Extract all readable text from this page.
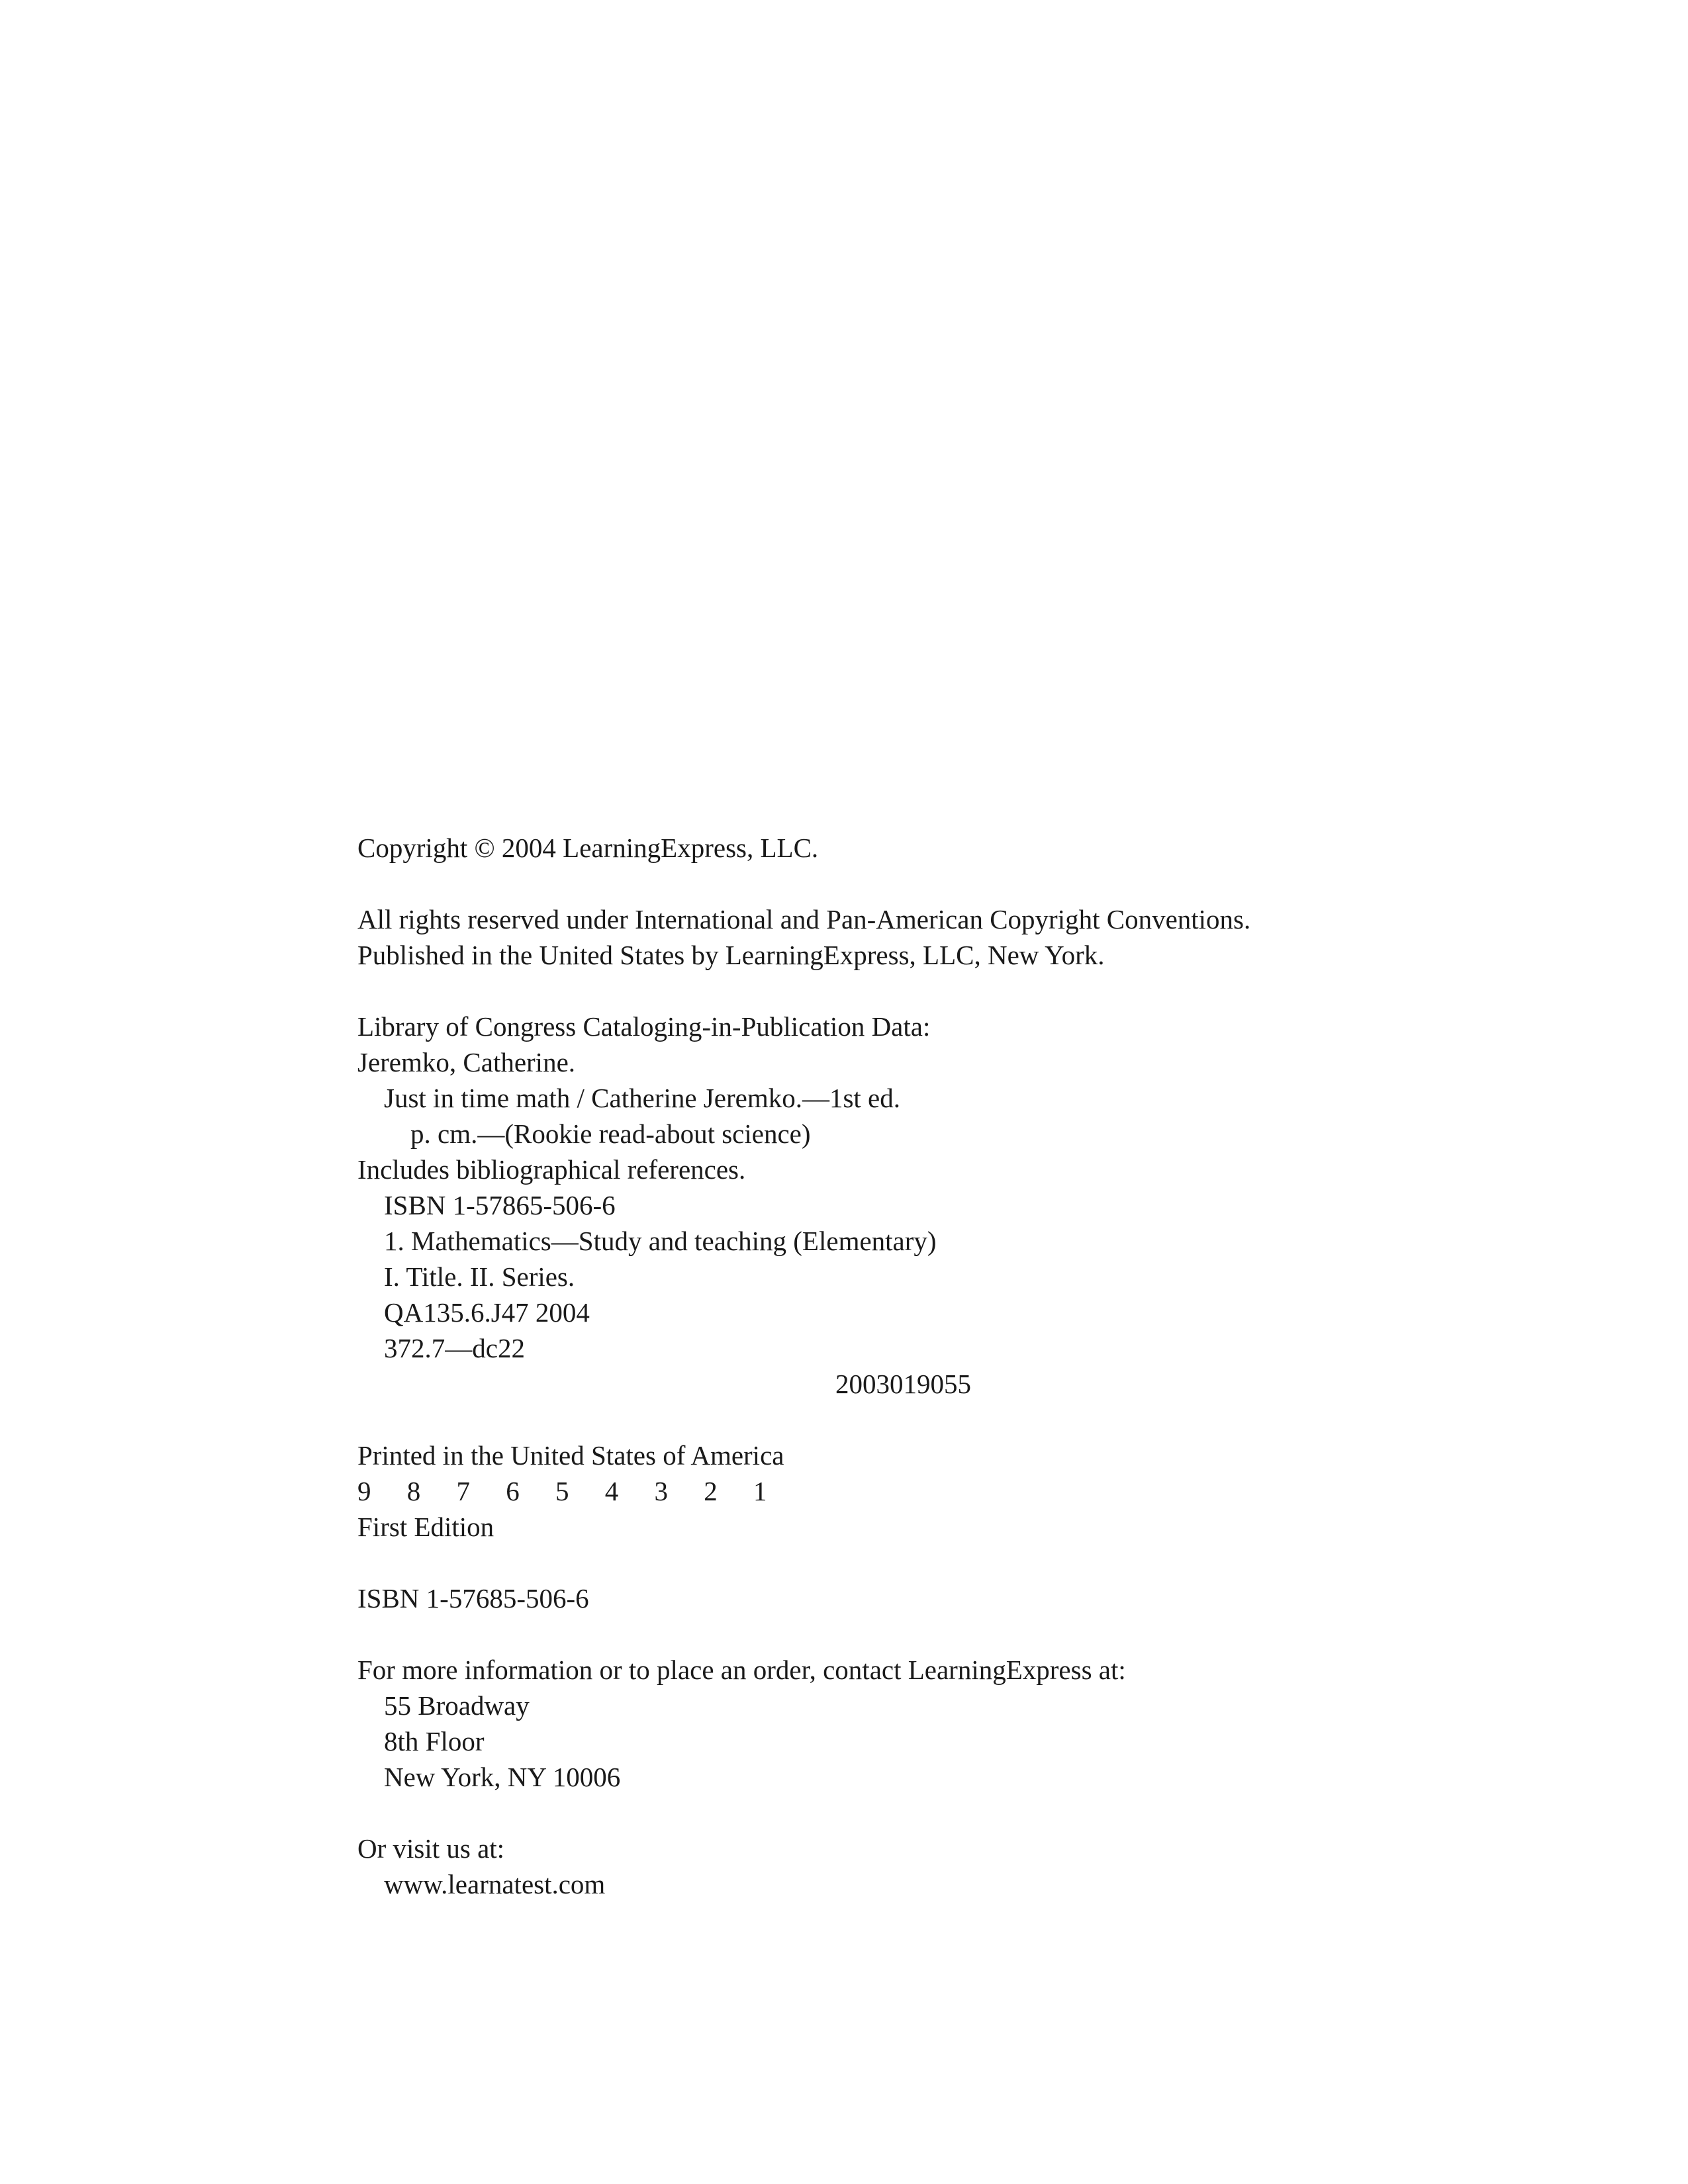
Copyright © 2004 LearningExpress, LLC.
All rights reserved under International and Pan-American Copyright Conventions.
Published in the United States by LearningExpress, LLC, New York.
Library of Congress Cataloging-in-Publication Data:
Jeremko, Catherine.
Just in time math / Catherine Jeremko.—1st ed.
p. cm.—(Rookie read-about science)
Includes bibliographical references.
ISBN 1-57865-506-6
1. Mathematics—Study and teaching (Elementary)
I. Title. II. Series.
QA135.6.J47 2004
372.7—dc22
2003019055
Printed in the United States of America
9 8 7 6 5 4 3 2 1
First Edition
ISBN 1-57685-506-6
For more information or to place an order, contact LearningExpress at:
55 Broadway
8th Floor
New York, NY 10006
Or visit us at:
www.learnatest.com
